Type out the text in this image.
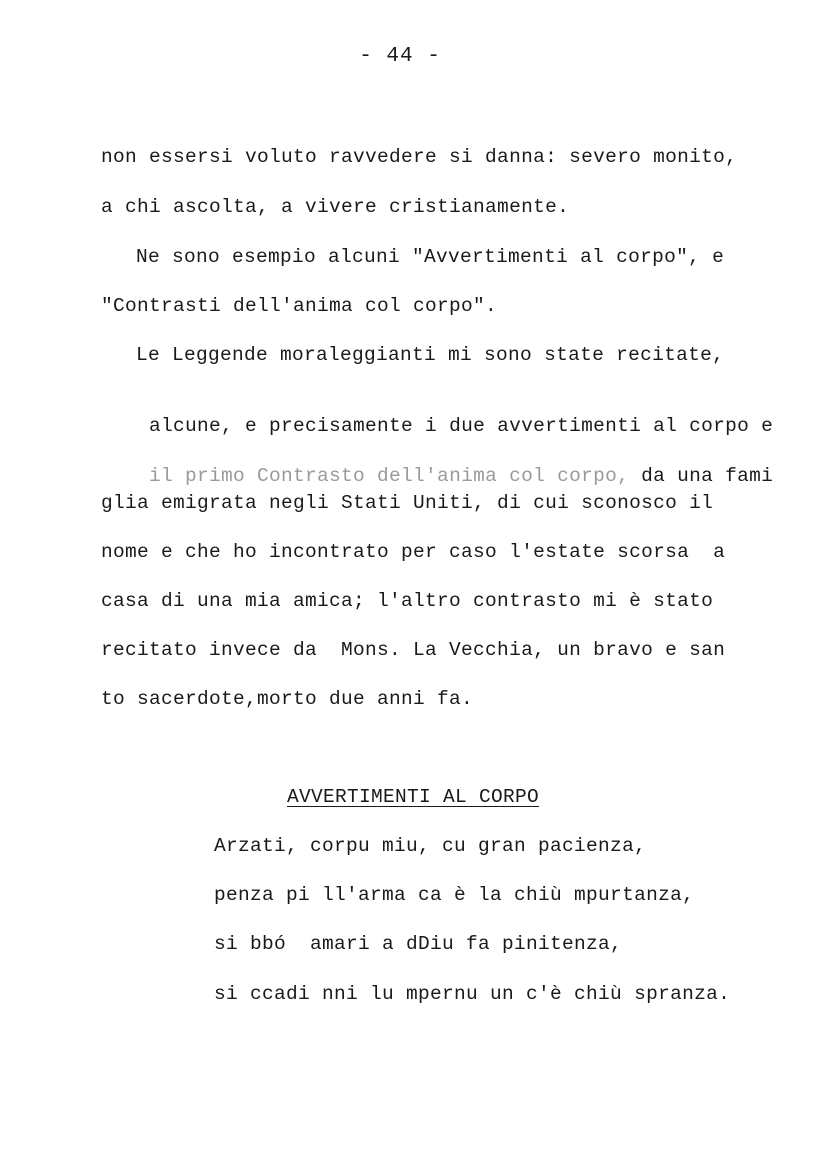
- 44 -
non essersi voluto ravvedere si danna: severo monito,
a chi ascolta, a vivere cristianamente.
Ne sono esempio alcuni "Avvertimenti al corpo", e
"Contrasti dell'anima col corpo".
Le Leggende moraleggianti mi sono state recitate,

alcune, e precisamente i due avvertimenti al corpo e

il primo Contrasto dell'anima col corpo, da una fami

glia emigrata negli Stati Uniti, di cui sconosco il
nome e che ho incontrato per caso l'estate scorsa  a
casa di una mia amica; l'altro contrasto mi è stato
recitato invece da  Mons. La Vecchia, un bravo e san
to sacerdote,morto due anni fa.
AVVERTIMENTI AL CORPO
Arzati, corpu miu, cu gran pacienza,
penza pi ll'arma ca è la chiù mpurtanza,
si bbó  amari a dDiu fa pinitenza,
si ccadi nni lu mpernu un c'è chiù spranza.
